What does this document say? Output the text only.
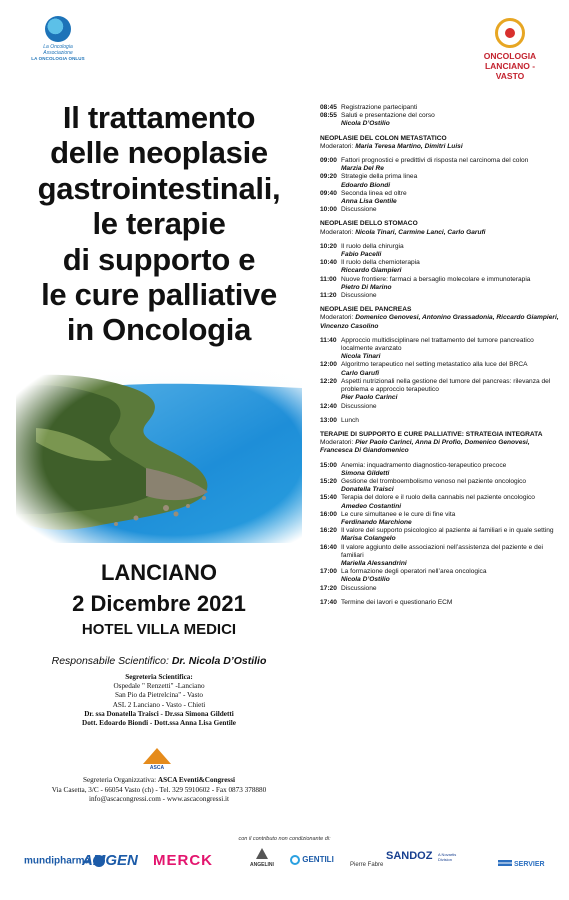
La Oncologia
Associazione
LA ONCOLOGIA ONLUS	ONCOLOGIA
LANCIANO - VASTO
Il trattamento
delle neoplasie
gastrointestinali,
le terapie
di supporto e
le cure palliative
in Oncologia
LANCIANO
2 Dicembre 2021
HOTEL VILLA MEDICI
Responsabile Scientifico: Dr. Nicola D’Ostilio
Segreteria Scientifica:
Ospedale " Renzetti" -Lanciano
San Pio da Pietrelcina" - Vasto
ASL 2 Lanciano - Vasto - Chieti
Dr. ssa Donatella Traisci - Dr.ssa Simona Gildetti
Dott. Edoardo Biondi - Dott.ssa Anna Lisa Gentile
ASCA
Segreteria Organizzativa: ASCA Eventi&Congressi
Via Casetta, 3/C - 66054 Vasto (ch) - Tel. 329 5910602 - Fax 0873 378880
info@ascacongressi.com - www.ascacongressi.it
08:45 Registrazione partecipanti
08:55 Saluti e presentazione del corso
Nicola D’Ostilio
NEOPLASIE DEL COLON METASTATICO
Moderatori: Maria Teresa Martino, Dimitri Luisi
09:00 Fattori prognostici e predittivi di risposta nel carcinoma del colon
Marzia Del Re
09:20 Strategie della prima linea
Edoardo Biondi
09:40 Seconda linea ed oltre
Anna Lisa Gentile
10:00 Discussione
NEOPLASIE DELLO STOMACO
Moderatori: Nicola Tinari, Carmine Lanci, Carlo Garufi
10:20 Il ruolo della chirurgia
Fabio Pacelli
10:40 Il ruolo della chemioterapia
Riccardo Giampieri
11:00 Nuove frontiere: farmaci a bersaglio molecolare e immunoterapia
Pietro Di Marino
11:20 Discussione
NEOPLASIE DEL PANCREAS
Moderatori: Domenico Genovesi, Antonino Grassadonia, Riccardo Giampieri, Vincenzo Casolino
11:40 Approccio multidisciplinare nel trattamento del tumore pancreatico localmente avanzato
Nicola Tinari
12:00 Algoritmo terapeutico nel setting metastatico alla luce del BRCA
Carlo Garufi
12:20 Aspetti nutrizionali nella gestione del tumore del pancreas: rilevanza del problema e approccio terapeutico
Pier Paolo Carinci
12:40 Discussione
13:00 Lunch
TERAPIE DI SUPPORTO E CURE PALLIATIVE: STRATEGIA INTEGRATA
Moderatori: Pier Paolo Carinci, Anna Di Profio, Domenico Genovesi, Francesca Di Giandomenico
15:00 Anemia: inquadramento diagnostico-terapeutico precoce
Simona Gildetti
15:20 Gestione del tromboembolismo venoso nel paziente oncologico
Donatella Traisci
15:40 Terapia del dolore e il ruolo della cannabis nel paziente oncologico
Amedeo Costantini
16:00 Le cure simultanee e le cure di fine vita
Ferdinando Marchione
16:20 Il valore del supporto psicologico al paziente ai familiari e in quale setting
Marisa Colangelo
16:40 Il valore aggiunto delle associazioni nell’assistenza del paziente e dei familiari
Mariella Alessandrini
17:00 La formazione degli operatori nell’area oncologica
Nicola D’Ostilio
17:20 Discussione
17:40 Termine dei lavori e questionario ECM
con il contributo non condizionante di:
mundipharma
AMGEN MERCK	ANGELINI
GENTILI
Pierre Fabre
SANDOZ A Novartis Division
SERVIER
